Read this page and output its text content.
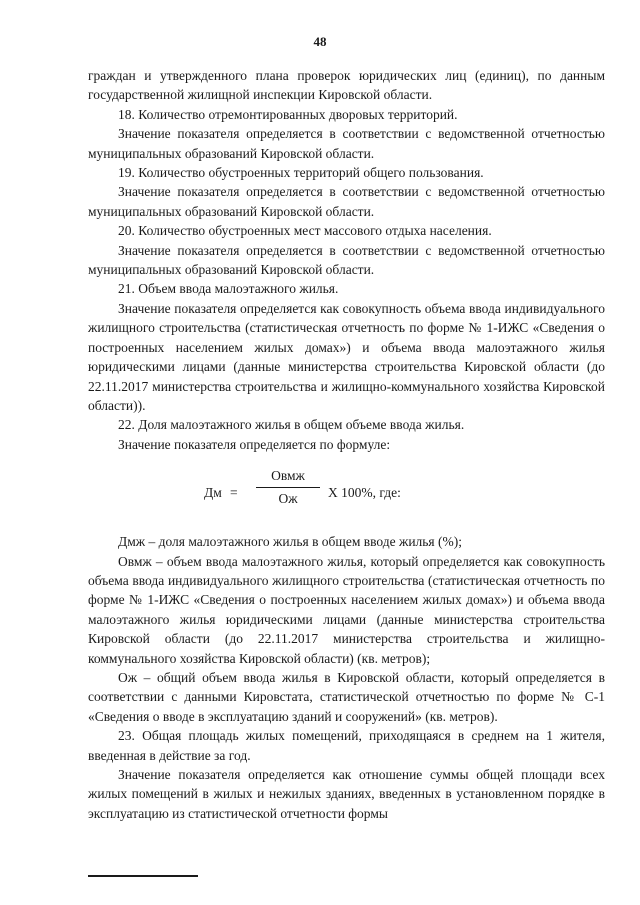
48

граждан и утвержденного плана проверок юридических лиц (единиц), по данным государственной жилищной инспекции Кировской области.

18. Количество отремонтированных дворовых территорий.

Значение показателя определяется в соответствии с ведомственной отчетностью муниципальных образований Кировской области.

19. Количество обустроенных территорий общего пользования.

Значение показателя определяется в соответствии с ведомственной отчетностью муниципальных образований Кировской области.

20. Количество обустроенных мест массового отдыха населения.

Значение показателя определяется в соответствии с ведомственной отчетностью муниципальных образований Кировской области.

21. Объем ввода малоэтажного жилья.

Значение показателя определяется как совокупность объема ввода индивидуального жилищного строительства (статистическая отчетность по форме № 1-ИЖС «Сведения о построенных населением жилых домах») и объема ввода малоэтажного жилья юридическими лицами (данные министерства строительства Кировской области (до 22.11.2017 министерства строительства и жилищно-коммунального хозяйства Кировской области)).

22. Доля малоэтажного жилья в общем объеме ввода жилья.

Значение показателя определяется по формуле:

Дм =
Овмж
Ож	Х 100%, где:

Дмж – доля малоэтажного жилья в общем вводе жилья (%);

Овмж – объем ввода малоэтажного жилья, который определяется как совокупность объема ввода индивидуального жилищного строительства (статистическая отчетность по форме № 1-ИЖС «Сведения о построенных населением жилых домах») и объема ввода малоэтажного жилья юридическими лицами (данные министерства строительства Кировской области (до 22.11.2017 министерства строительства и жилищно-коммунального хозяйства Кировской области) (кв. метров);

Ож – общий объем ввода жилья в Кировской области, который определяется в соответствии с данными Кировстата, статистической отчетностью по форме № С-1 «Сведения о вводе в эксплуатацию зданий и сооружений» (кв. метров).

23. Общая площадь жилых помещений, приходящаяся в среднем на 1 жителя, введенная в действие за год.

Значение показателя определяется как отношение суммы общей площади всех жилых помещений в жилых и нежилых зданиях, введенных в установленном порядке в эксплуатацию из статистической отчетности формы
